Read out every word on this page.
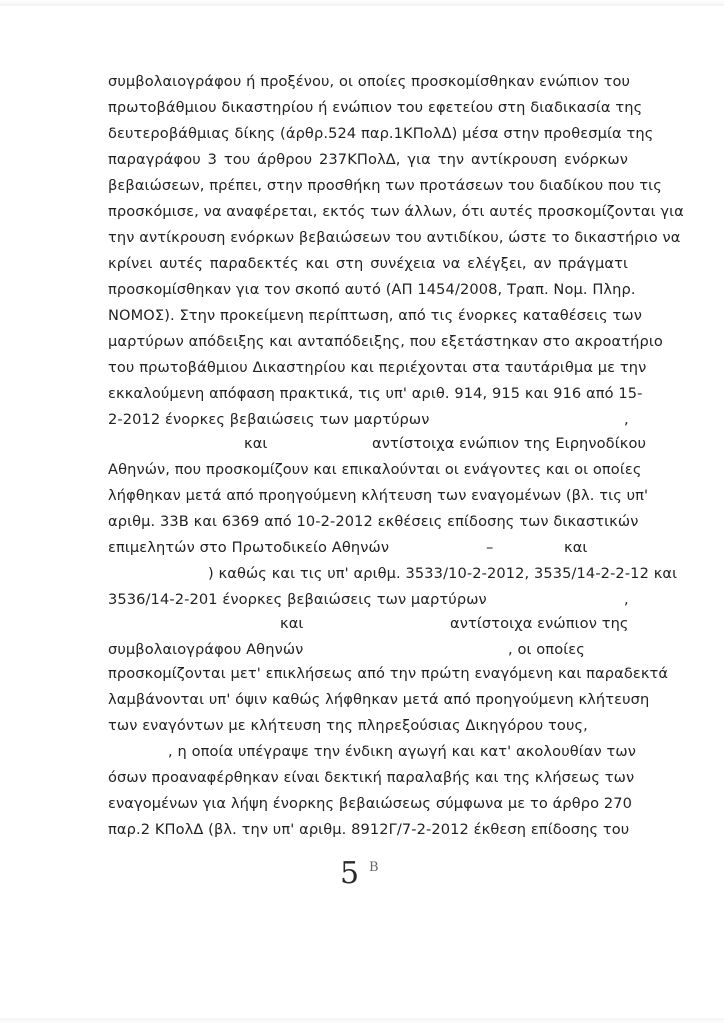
συμβολαιογράφου ή προξένου, οι οποίες προσκομίσθηκαν ενώπιον του
πρωτοβάθμιου δικαστηρίου ή ενώπιον του εφετείου στη διαδικασία της
δευτεροβάθμιας δίκης (άρθρ.524 παρ.1ΚΠολΔ) μέσα στην προθεσμία της
παραγράφου 3 του άρθρου 237ΚΠολΔ, για την αντίκρουση ενόρκων
βεβαιώσεων, πρέπει, στην προσθήκη των προτάσεων του διαδίκου που τις
προσκόμισε, να αναφέρεται, εκτός των άλλων, ότι αυτές προσκομίζονται για
την αντίκρουση ενόρκων βεβαιώσεων του αντιδίκου, ώστε το δικαστήριο να
κρίνει αυτές παραδεκτές και στη συνέχεια να ελέγξει, αν πράγματι
προσκομίσθηκαν για τον σκοπό αυτό (ΑΠ 1454/2008, Τραπ. Νομ. Πληρ.
ΝΟΜΟΣ). Στην προκείμενη περίπτωση, από τις ένορκες καταθέσεις των
μαρτύρων απόδειξης και ανταπόδειξης, που εξετάστηκαν στο ακροατήριο
του πρωτοβάθμιου Δικαστηρίου και περιέχονται στα ταυτάριθμα με την
εκκαλούμενη απόφαση πρακτικά, τις υπ' αριθ. 914, 915 και 916 από 15-
2-2012 ένορκες βεβαιώσεις των μαρτύρων	,
και	αντίστοιχα ενώπιον της Ειρηνοδίκου
Αθηνών, που προσκομίζουν και επικαλούνται οι ενάγοντες και οι οποίες
λήφθηκαν μετά από προηγούμενη κλήτευση των εναγομένων (βλ. τις υπ'
αριθμ. 33Β και 6369 από 10-2-2012 εκθέσεις επίδοσης των δικαστικών
επιμελητών στο Πρωτοδικείο Αθηνών	–	και
) καθώς και τις υπ' αριθμ. 3533/10-2-2012, 3535/14-2-2-12 και
3536/14-2-201 ένορκες βεβαιώσεις των μαρτύρων	,
και	αντίστοιχα ενώπιον της
συμβολαιογράφου Αθηνών	, οι οποίες
προσκομίζονται μετ' επικλήσεως από την πρώτη εναγόμενη και παραδεκτά
λαμβάνονται υπ' όψιν καθώς λήφθηκαν μετά από προηγούμενη κλήτευση
των εναγόντων με κλήτευση της πληρεξούσιας Δικηγόρου τους,
, η οποία υπέγραψε την ένδικη αγωγή και κατ' ακολουθίαν των
όσων προαναφέρθηκαν είναι δεκτική παραλαβής και της κλήσεως των
εναγομένων για λήψη ένορκης βεβαιώσεως σύμφωνα με το άρθρο 270
παρ.2 ΚΠολΔ (βλ. την υπ' αριθμ. 8912Γ/7-2-2012 έκθεση επίδοσης του
5 Β
